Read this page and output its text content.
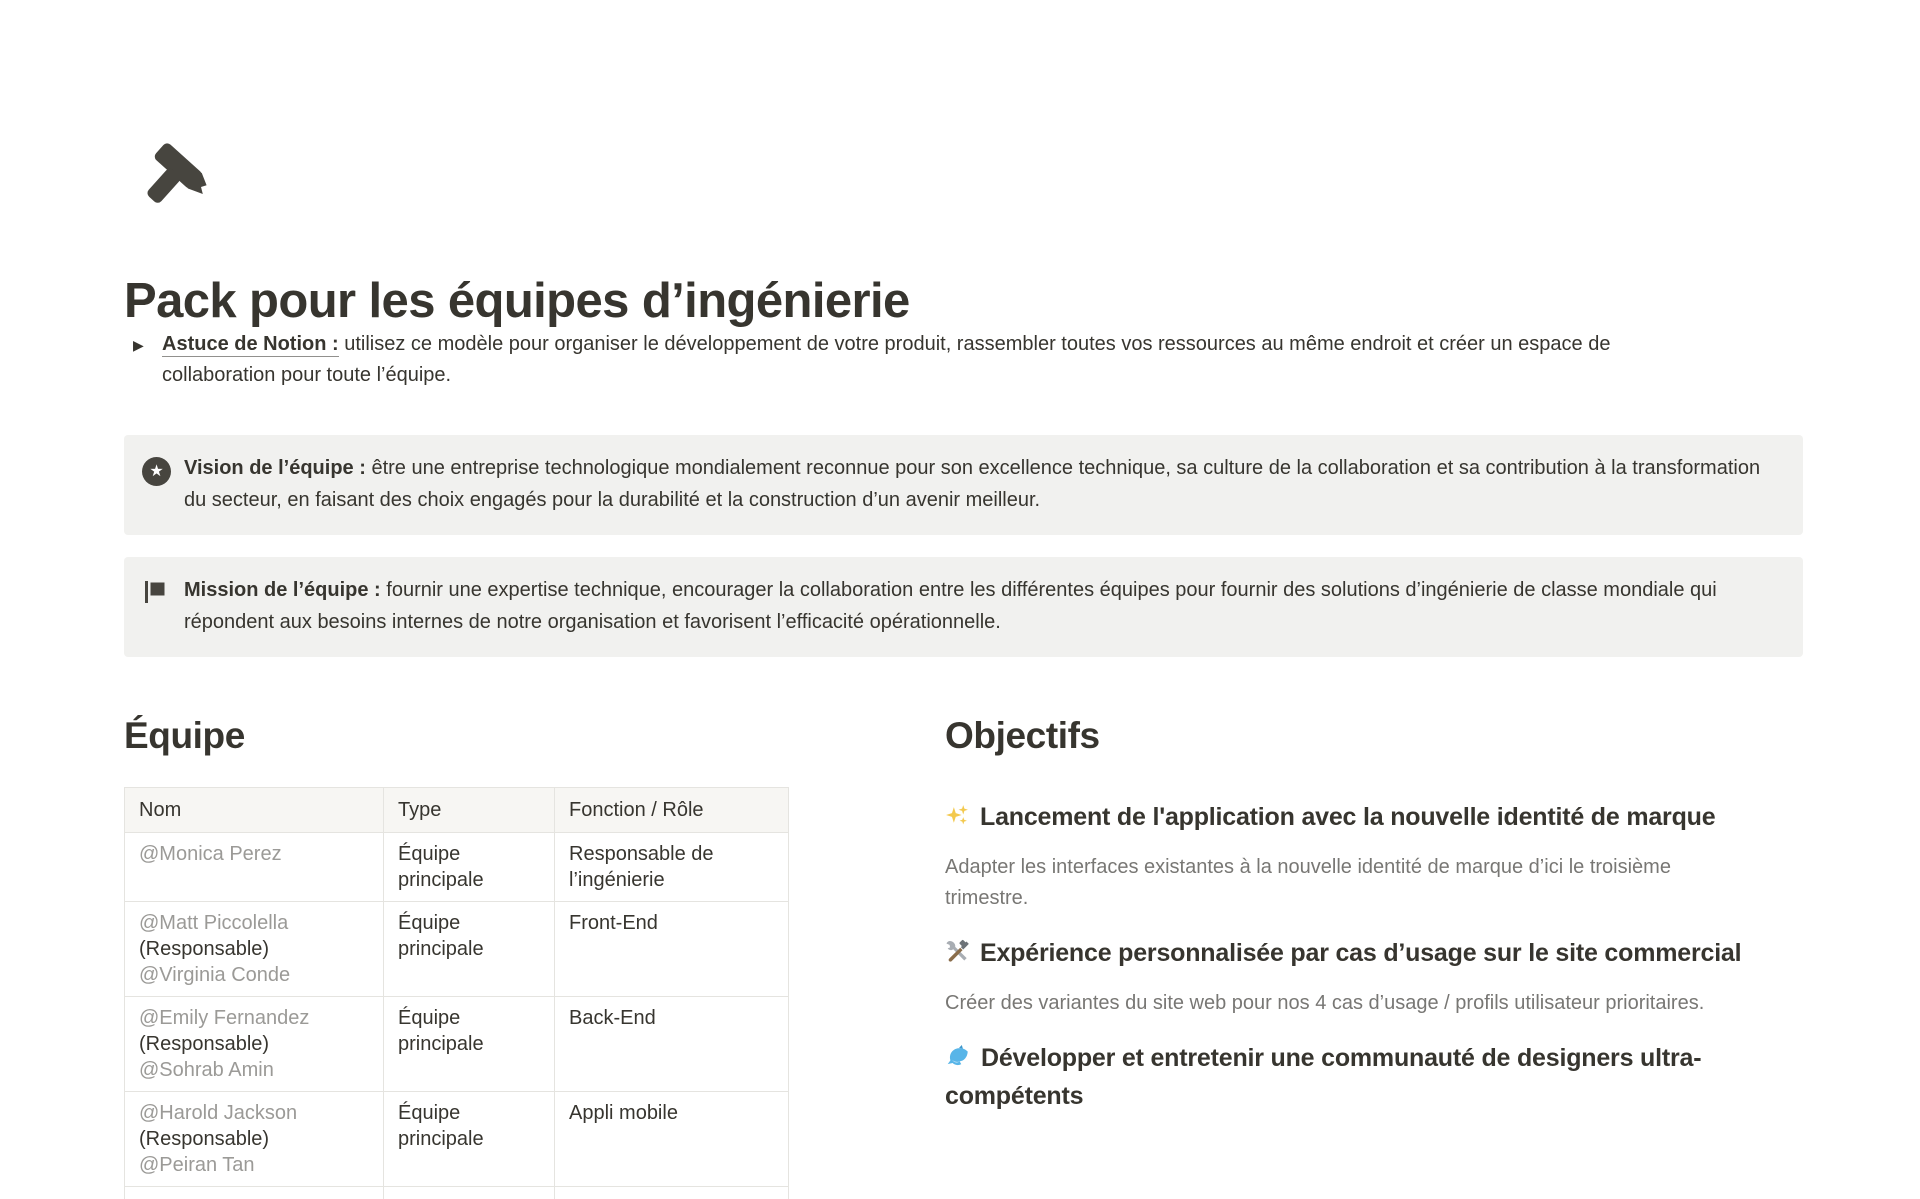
Pack pour les équipes d’ingénierie
▶ Astuce de Notion : utilisez ce modèle pour organiser le développement de votre produit, rassembler toutes vos ressources au même endroit et créer un espace de collaboration pour toute l’équipe.
★	Vision de l’équipe : être une entreprise technologique mondialement reconnue pour son excellence technique, sa culture de la collaboration et sa contribution à la transformation du secteur, en faisant des choix engagés pour la durabilité et la construction d’un avenir meilleur.
Mission de l’équipe : fournir une expertise technique, encourager la collaboration entre les différentes équipes pour fournir des solutions d’ingénierie de classe mondiale qui répondent aux besoins internes de notre organisation et favorisent l’efficacité opérationnelle.
Équipe
Nom	Type	Fonction / Rôle

@Monica Perez	Équipe principale	Responsable de l’ingénierie

@Matt Piccolella
(Responsable)
@Virginia Conde	Équipe principale	Front-End

@Emily Fernandez
(Responsable)
@Sohrab Amin	Équipe principale	Back-End

@Harold Jackson
(Responsable)
@Peiran Tan	Équipe principale	Appli mobile

Objectifs
Lancement de l'application avec la nouvelle identité de marque

Adapter les interfaces existantes à la nouvelle identité de marque d’ici le troisième trimestre.

Expérience personnalisée par cas d’usage sur le site commercial

Créer des variantes du site web pour nos 4 cas d’usage / profils utilisateur prioritaires.

Développer et entretenir une communauté de designers ultra-compétents
